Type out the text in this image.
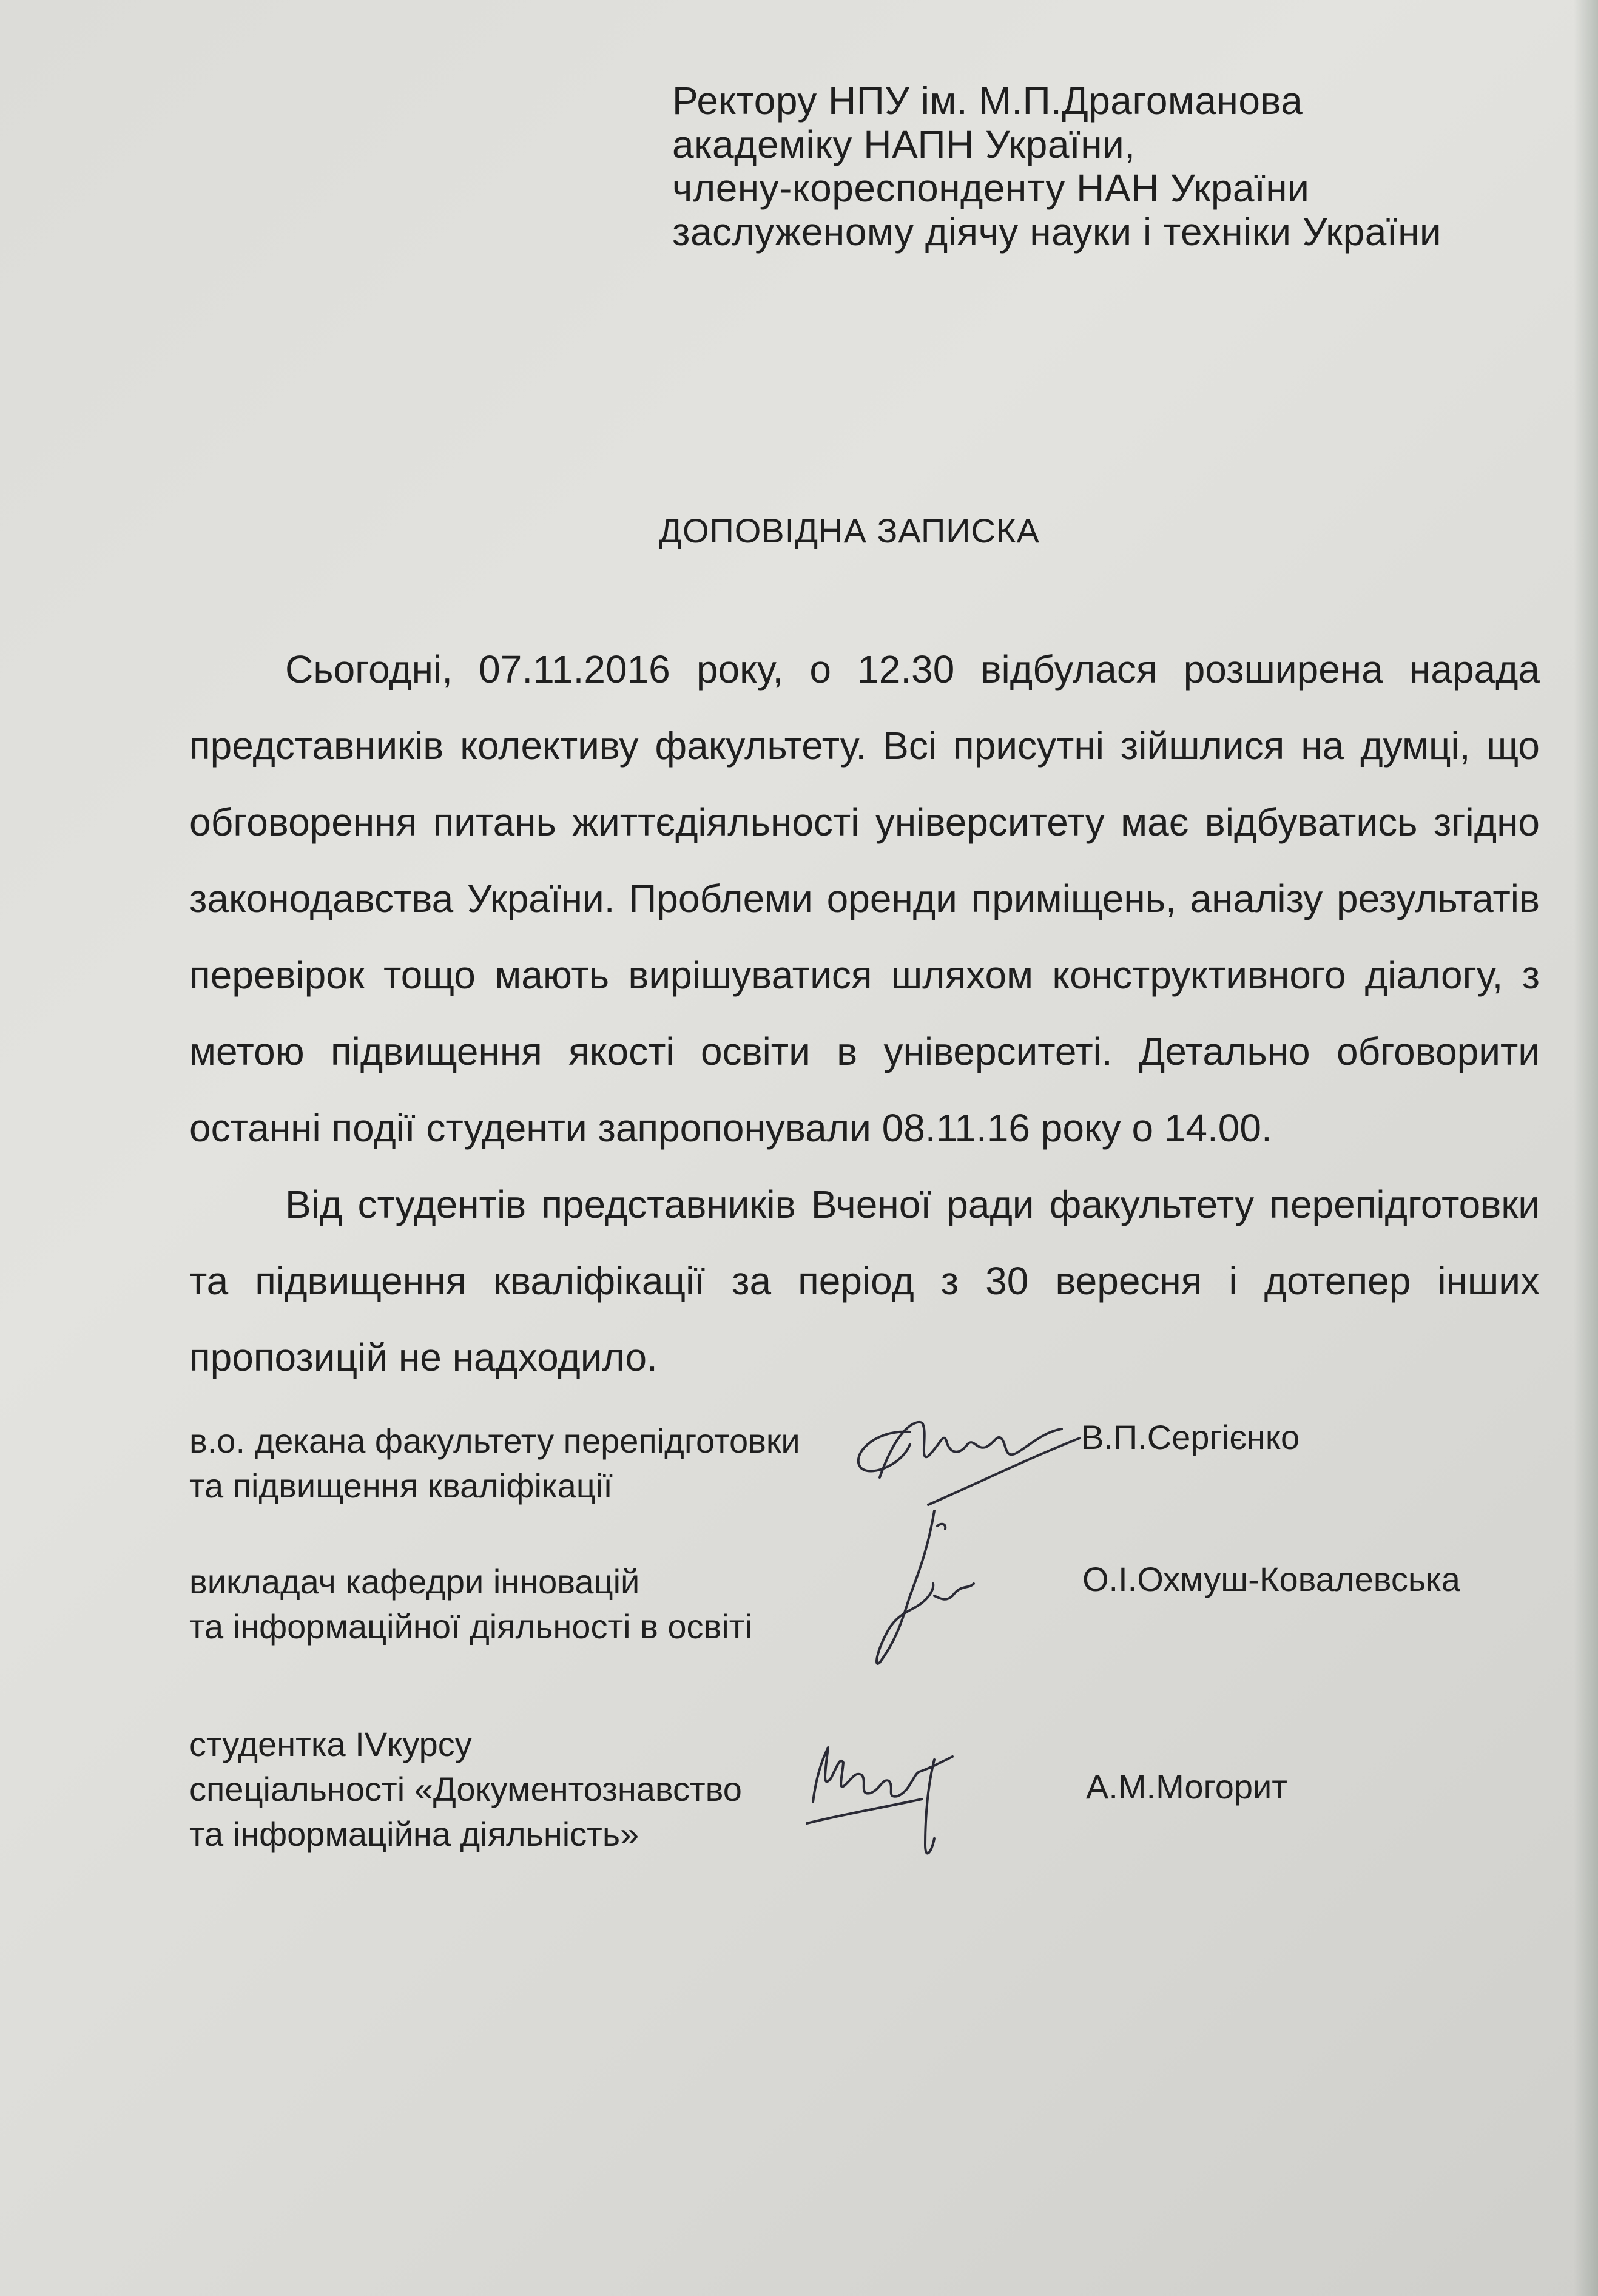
Ректору НПУ ім. М.П.Драгоманова
академіку НАПН України,
члену-кореспонденту НАН України
заслуженому діячу науки і техніки України
ДОПОВІДНА ЗАПИСКА

Сьогодні, 07.11.2016 року, о 12.30 відбулася розширена нарада представників колективу факультету. Всі присутні зійшлися на думці, що обговорення питань життєдіяльності університету має відбуватись згідно законодавства України. Проблеми оренди приміщень, аналізу результатів перевірок тощо мають вирішуватися шляхом конструктивного діалогу, з метою підвищення якості освіти в університеті. Детально обговорити останні події студенти запропонували 08.11.16 року о 14.00.

Від студентів представників Вченої ради факультету перепідготовки та підвищення кваліфікації за період з 30 вересня і дотепер інших пропозицій не надходило.

в.о. декана факультету перепідготовки
та підвищення кваліфікації
В.П.Сергієнко
викладач кафедри інновацій
та інформаційної діяльності в освіті
О.І.Охмуш-Ковалевська
студентка IVкурсу
спеціальності «Документознавство
та інформаційна діяльність»
А.М.Могорит
